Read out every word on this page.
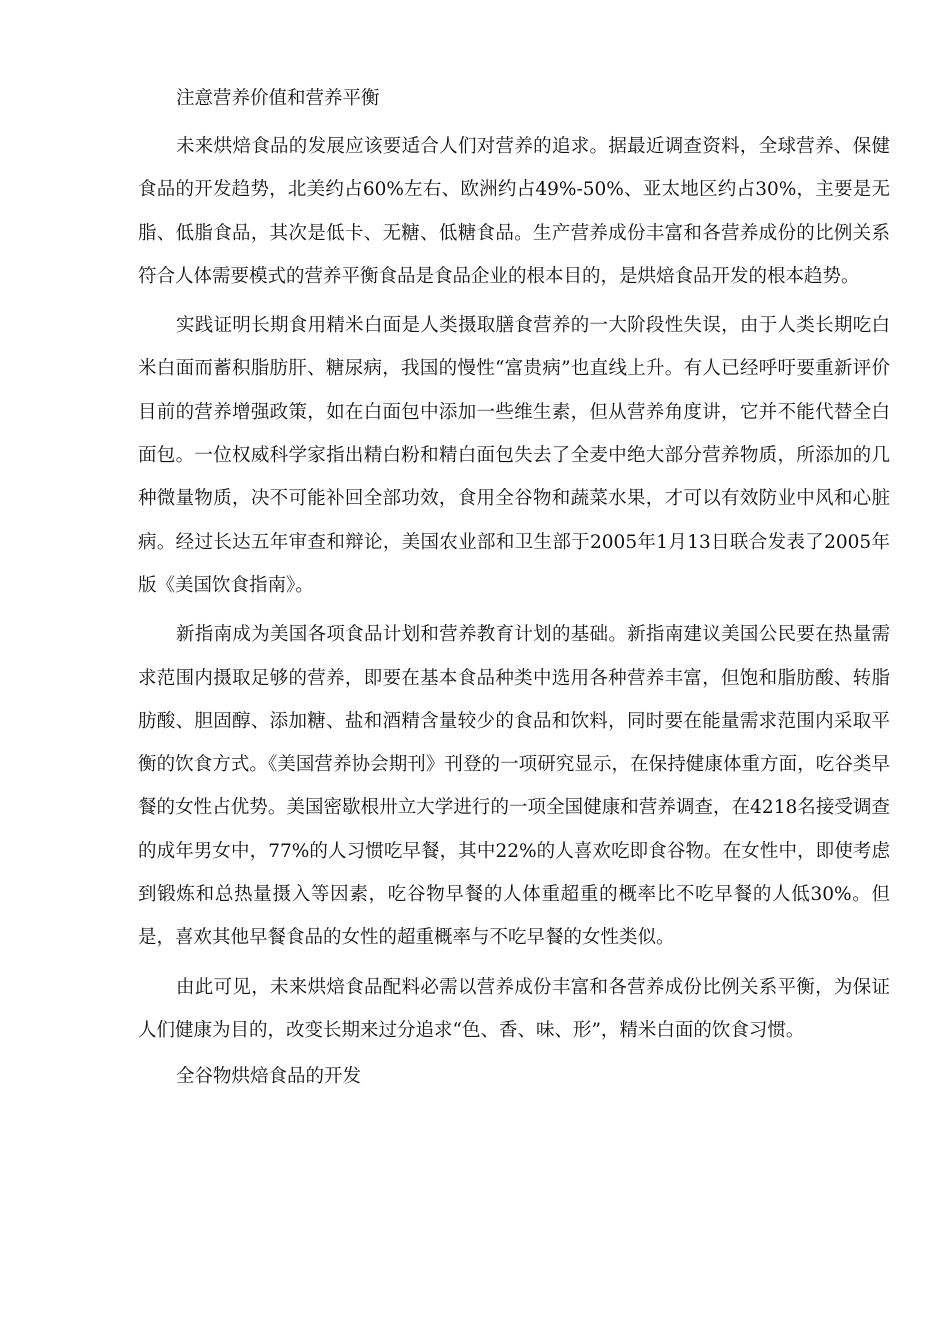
注意营养价值和营养平衡

未来烘焙食品的发展应该要适合人们对营养的追求。据最近调查资料，全球营养、保健食品的开发趋势，北美约占60%左右、欧洲约占49%-50%、亚太地区约占30%，主要是无脂、低脂食品，其次是低卡、无糖、低糖食品。生产营养成份丰富和各营养成份的比例关系符合人体需要模式的营养平衡食品是食品企业的根本目的，是烘焙食品开发的根本趋势。

实践证明长期食用精米白面是人类摄取膳食营养的一大阶段性失误，由于人类长期吃白米白面而蓄积脂肪肝、糖尿病，我国的慢性“富贵病”也直线上升。有人已经呼吁要重新评价目前的营养增强政策，如在白面包中添加一些维生素，但从营养角度讲，它并不能代替全白面包。一位权威科学家指出精白粉和精白面包失去了全麦中绝大部分营养物质，所添加的几种微量物质，决不可能补回全部功效，食用全谷物和蔬菜水果，才可以有效防业中风和心脏病。经过长达五年审查和辩论，美国农业部和卫生部于2005年1月13日联合发表了2005年版《美国饮食指南》。

新指南成为美国各项食品计划和营养教育计划的基础。新指南建议美国公民要在热量需求范围内摄取足够的营养，即要在基本食品种类中选用各种营养丰富，但饱和脂肪酸、转脂肪酸、胆固醇、添加糖、盐和酒精含量较少的食品和饮料，同时要在能量需求范围内采取平衡的饮食方式。《美国营养协会期刊》刊登的一项研究显示，在保持健康体重方面，吃谷类早餐的女性占优势。美国密歇根卅立大学进行的一项全国健康和营养调查，在4218名接受调查的成年男女中，77%的人习惯吃早餐，其中22%的人喜欢吃即食谷物。在女性中，即使考虑到锻炼和总热量摄入等因素，吃谷物早餐的人体重超重的概率比不吃早餐的人低30%。但是，喜欢其他早餐食品的女性的超重概率与不吃早餐的女性类似。

由此可见，未来烘焙食品配料必需以营养成份丰富和各营养成份比例关系平衡，为保证人们健康为目的，改变长期来过分追求“色、香、味、形”，精米白面的饮食习惯。

全谷物烘焙食品的开发
